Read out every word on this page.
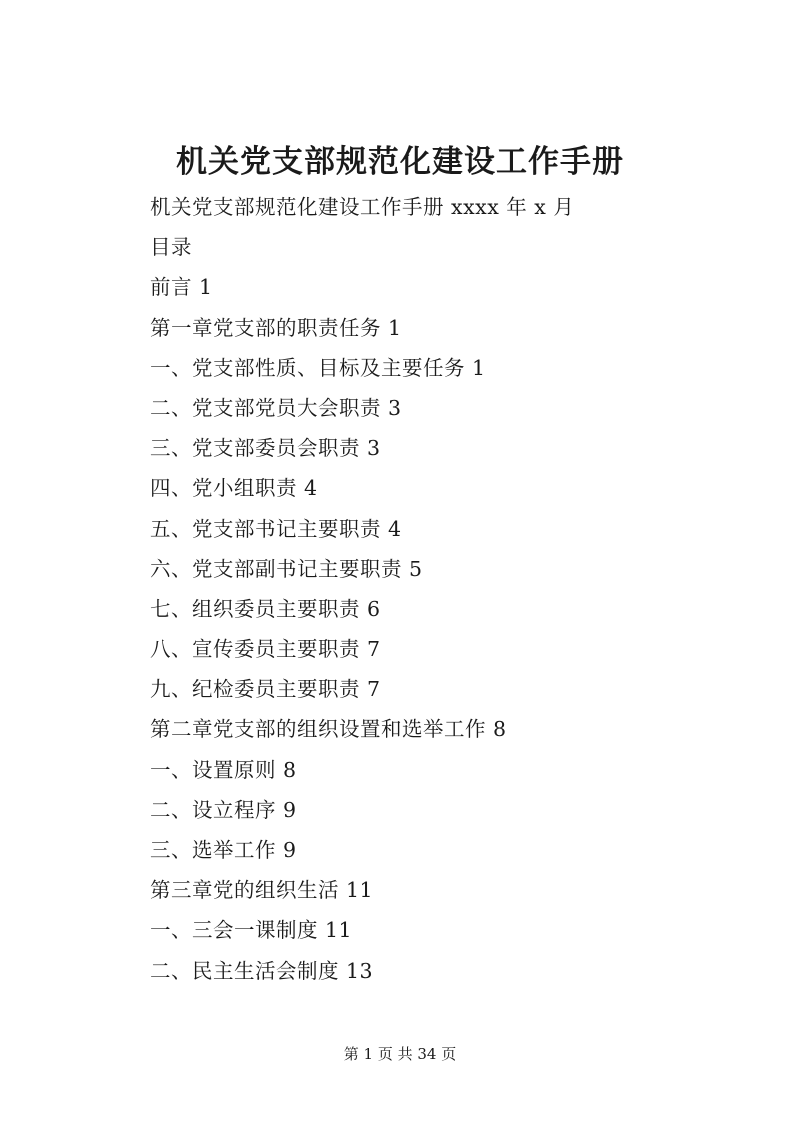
机关党支部规范化建设工作手册
机关党支部规范化建设工作手册 xxxx 年 x 月
目录
前言 1
第一章党支部的职责任务 1
一、党支部性质、目标及主要任务 1
二、党支部党员大会职责 3
三、党支部委员会职责 3
四、党小组职责 4
五、党支部书记主要职责 4
六、党支部副书记主要职责 5
七、组织委员主要职责 6
八、宣传委员主要职责 7
九、纪检委员主要职责 7
第二章党支部的组织设置和选举工作 8
一、设置原则 8
二、设立程序 9
三、选举工作 9
第三章党的组织生活 11
一、三会一课制度 11
二、民主生活会制度 13
第 1 页 共 34 页
